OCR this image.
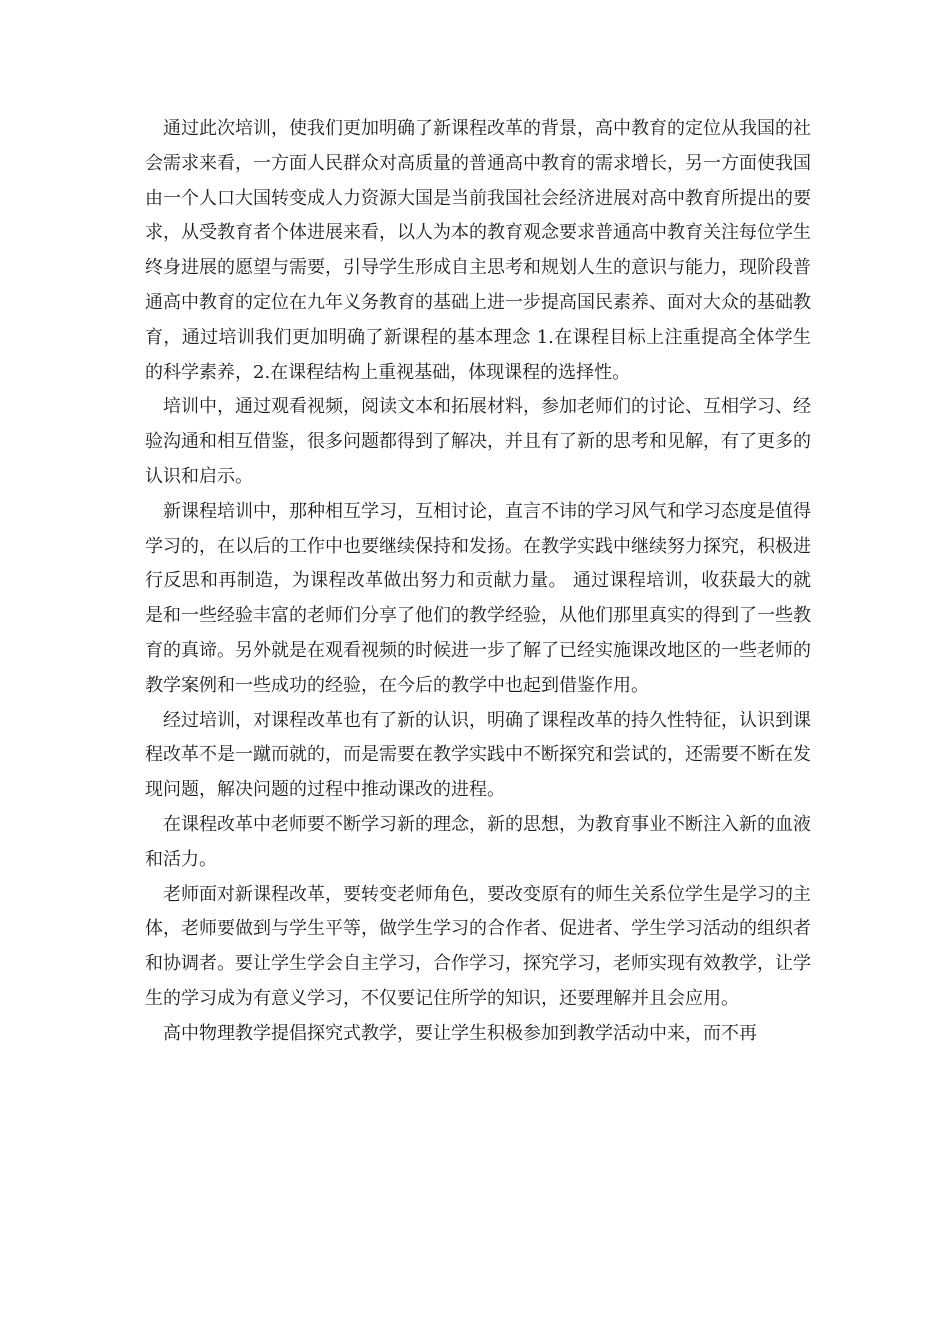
通过此次培训，使我们更加明确了新课程改革的背景，高中教育的定位从我国的社会需求来看，一方面人民群众对高质量的普通高中教育的需求增长，另一方面使我国由一个人口大国转变成人力资源大国是当前我国社会经济进展对高中教育所提出的要求，从受教育者个体进展来看，以人为本的教育观念要求普通高中教育关注每位学生终身进展的愿望与需要，引导学生形成自主思考和规划人生的意识与能力，现阶段普通高中教育的定位在九年义务教育的基础上进一步提高国民素养、面对大众的基础教育，通过培训我们更加明确了新课程的基本理念 1.在课程目标上注重提高全体学生的科学素养，2.在课程结构上重视基础，体现课程的选择性。

培训中，通过观看视频，阅读文本和拓展材料，参加老师们的讨论、互相学习、经验沟通和相互借鉴，很多问题都得到了解决，并且有了新的思考和见解，有了更多的认识和启示。

新课程培训中，那种相互学习，互相讨论，直言不讳的学习风气和学习态度是值得学习的，在以后的工作中也要继续保持和发扬。在教学实践中继续努力探究，积极进行反思和再制造，为课程改革做出努力和贡献力量。 通过课程培训，收获最大的就是和一些经验丰富的老师们分享了他们的教学经验，从他们那里真实的得到了一些教育的真谛。另外就是在观看视频的时候进一步了解了已经实施课改地区的一些老师的教学案例和一些成功的经验，在今后的教学中也起到借鉴作用。

经过培训，对课程改革也有了新的认识，明确了课程改革的持久性特征，认识到课程改革不是一蹴而就的，而是需要在教学实践中不断探究和尝试的，还需要不断在发现问题，解决问题的过程中推动课改的进程。

在课程改革中老师要不断学习新的理念，新的思想，为教育事业不断注入新的血液和活力。

老师面对新课程改革，要转变老师角色，要改变原有的师生关系位学生是学习的主体，老师要做到与学生平等，做学生学习的合作者、促进者、学生学习活动的组织者和协调者。要让学生学会自主学习，合作学习，探究学习，老师实现有效教学，让学生的学习成为有意义学习，不仅要记住所学的知识，还要理解并且会应用。

高中物理教学提倡探究式教学，要让学生积极参加到教学活动中来，而不再
